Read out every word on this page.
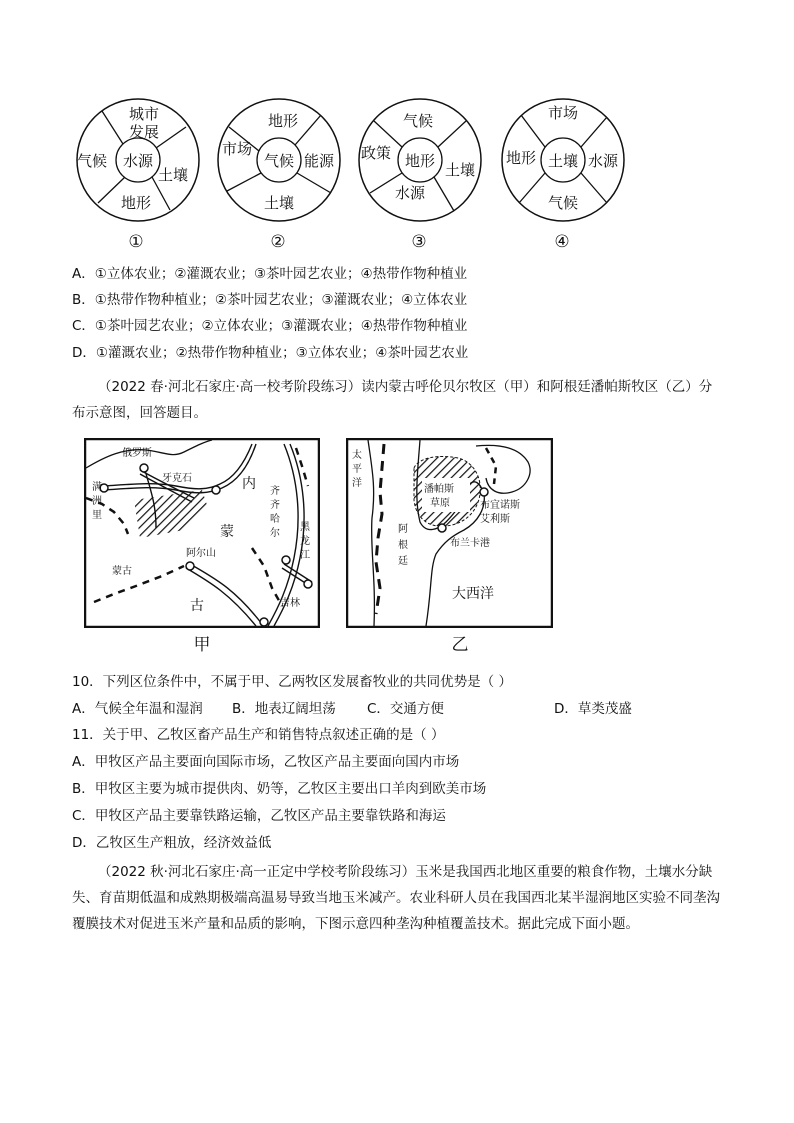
水源
城市
发展
土壤
地形
气候
①
气候
地形
能源
土壤
市场
②
地形
气候
土壤
水源
政策
③
土壤
市场
水源
气候
地形
④
A．①立体农业；②灌溉农业；③茶叶园艺农业；④热带作物种植业
B．①热带作物种植业；②茶叶园艺农业；③灌溉农业；④立体农业
C．①茶叶园艺农业；②立体农业；③灌溉农业；④热带作物种植业
D．①灌溉农业；②热带作物种植业；③立体农业；④茶叶园艺农业
（2022 春·河北石家庄·高一校考阶段练习）读内蒙古呼伦贝尔牧区（甲）和阿根廷潘帕斯牧区（乙）分布示意图，回答题目。
俄罗斯
牙克石
满
洲
里
内
蒙
古
齐
齐
哈
尔
黑
龙
江
阿尔山
蒙古
吉林
甲
太
平
洋
潘帕斯
草原	布宜诺斯
艾利斯
阿
根
廷
布兰卡港
大西洋
乙
10．下列区位条件中，不属于甲、乙两牧区发展畜牧业的共同优势是（ ）
A．气候全年温和湿润 B．地表辽阔坦荡 C．交通方便	D．草类茂盛
11．关于甲、乙牧区畜产品生产和销售特点叙述正确的是（ ）
A．甲牧区产品主要面向国际市场，乙牧区产品主要面向国内市场
B．甲牧区主要为城市提供肉、奶等，乙牧区主要出口羊肉到欧美市场
C．甲牧区产品主要靠铁路运输，乙牧区产品主要靠铁路和海运
D．乙牧区生产粗放，经济效益低
（2022 秋·河北石家庄·高一正定中学校考阶段练习）玉米是我国西北地区重要的粮食作物，土壤水分缺失、育苗期低温和成熟期极端高温易导致当地玉米减产。农业科研人员在我国西北某半湿润地区实验不同垄沟覆膜技术对促进玉米产量和品质的影响，下图示意四种垄沟种植覆盖技术。据此完成下面小题。
